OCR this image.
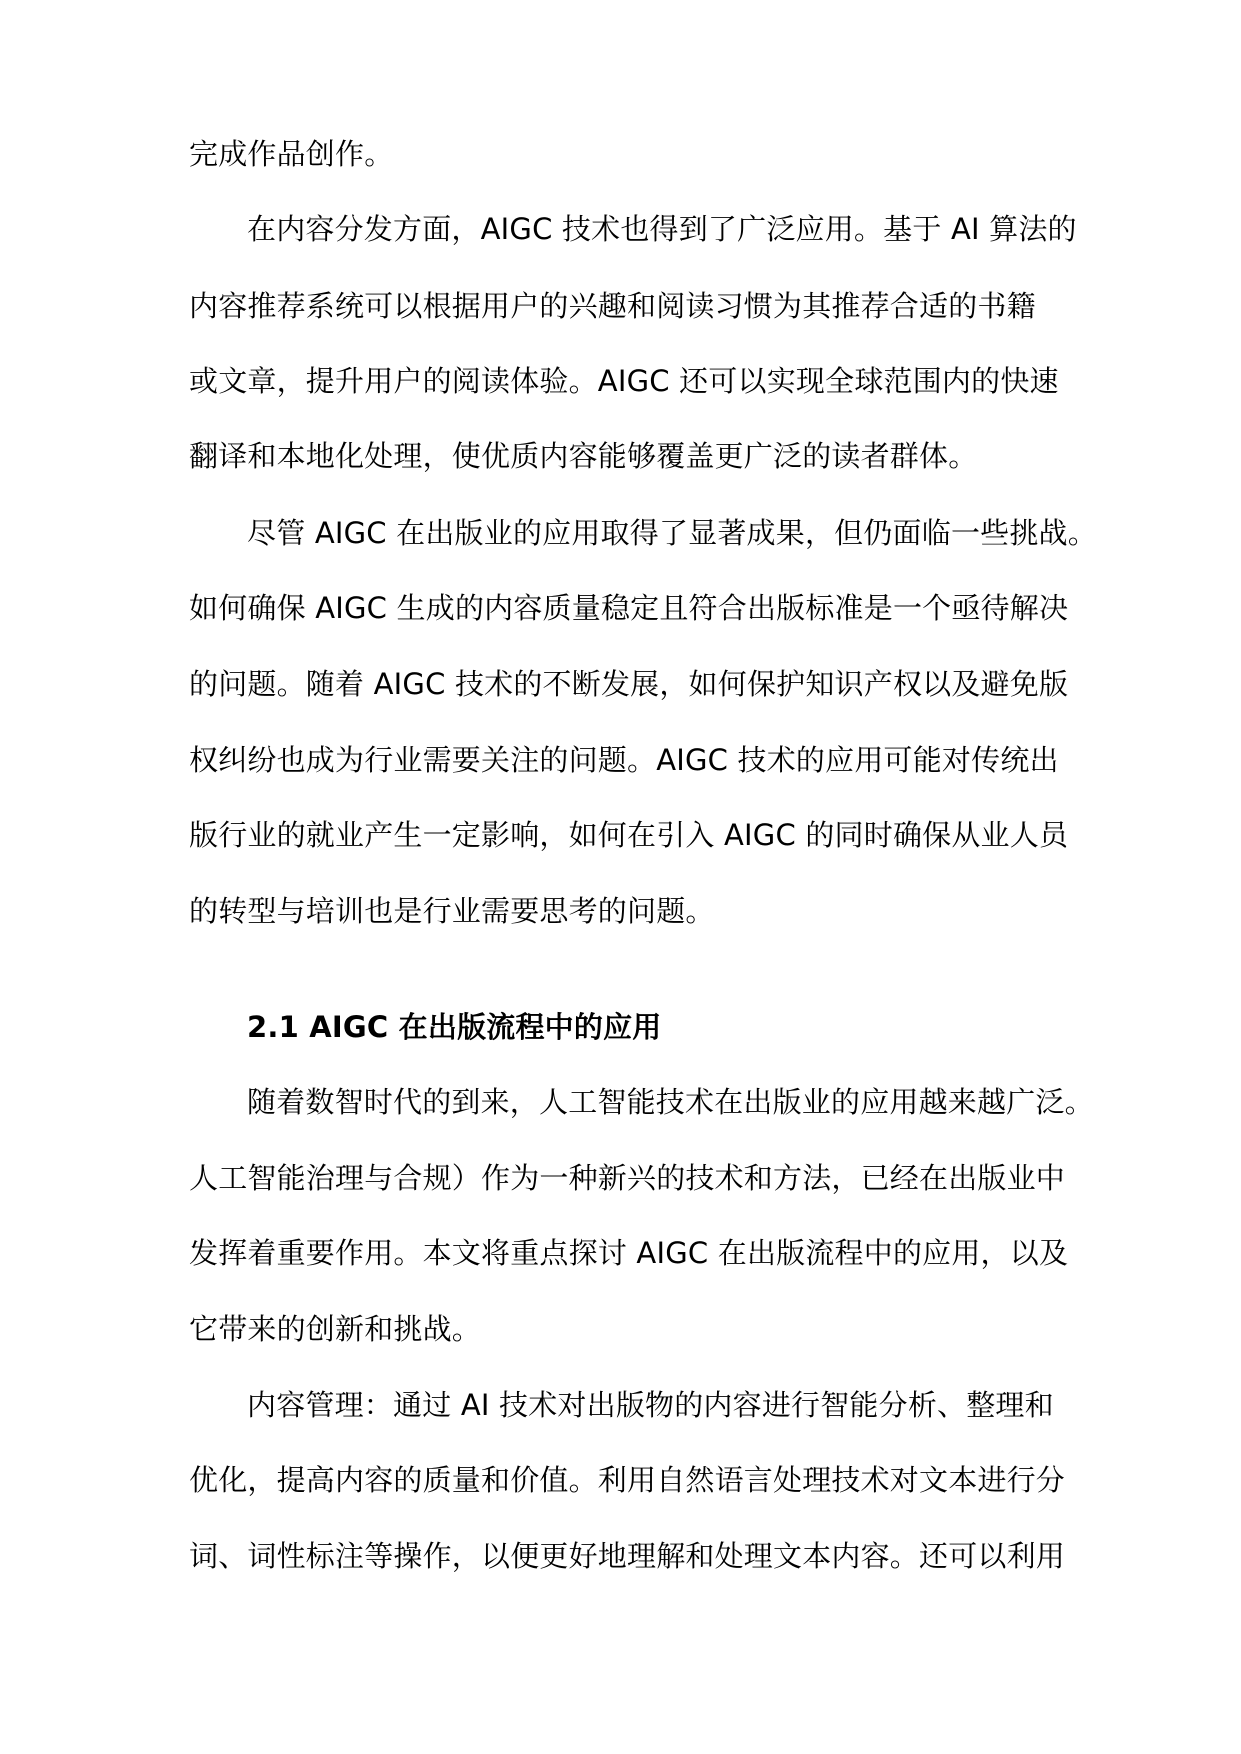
完成作品创作。
在内容分发方面，AIGC 技术也得到了广泛应用。基于 AI 算法的
内容推荐系统可以根据用户的兴趣和阅读习惯为其推荐合适的书籍
或文章，提升用户的阅读体验。AIGC 还可以实现全球范围内的快速
翻译和本地化处理，使优质内容能够覆盖更广泛的读者群体。
尽管 AIGC 在出版业的应用取得了显著成果，但仍面临一些挑战。
如何确保 AIGC 生成的内容质量稳定且符合出版标准是一个亟待解决
的问题。随着 AIGC 技术的不断发展，如何保护知识产权以及避免版
权纠纷也成为行业需要关注的问题。AIGC 技术的应用可能对传统出
版行业的就业产生一定影响，如何在引入 AIGC 的同时确保从业人员
的转型与培训也是行业需要思考的问题。
2.1 AIGC 在出版流程中的应用
随着数智时代的到来，人工智能技术在出版业的应用越来越广泛。
人工智能治理与合规）作为一种新兴的技术和方法，已经在出版业中
发挥着重要作用。本文将重点探讨 AIGC 在出版流程中的应用，以及
它带来的创新和挑战。
内容管理：通过 AI 技术对出版物的内容进行智能分析、整理和
优化，提高内容的质量和价值。利用自然语言处理技术对文本进行分
词、词性标注等操作，以便更好地理解和处理文本内容。还可以利用
